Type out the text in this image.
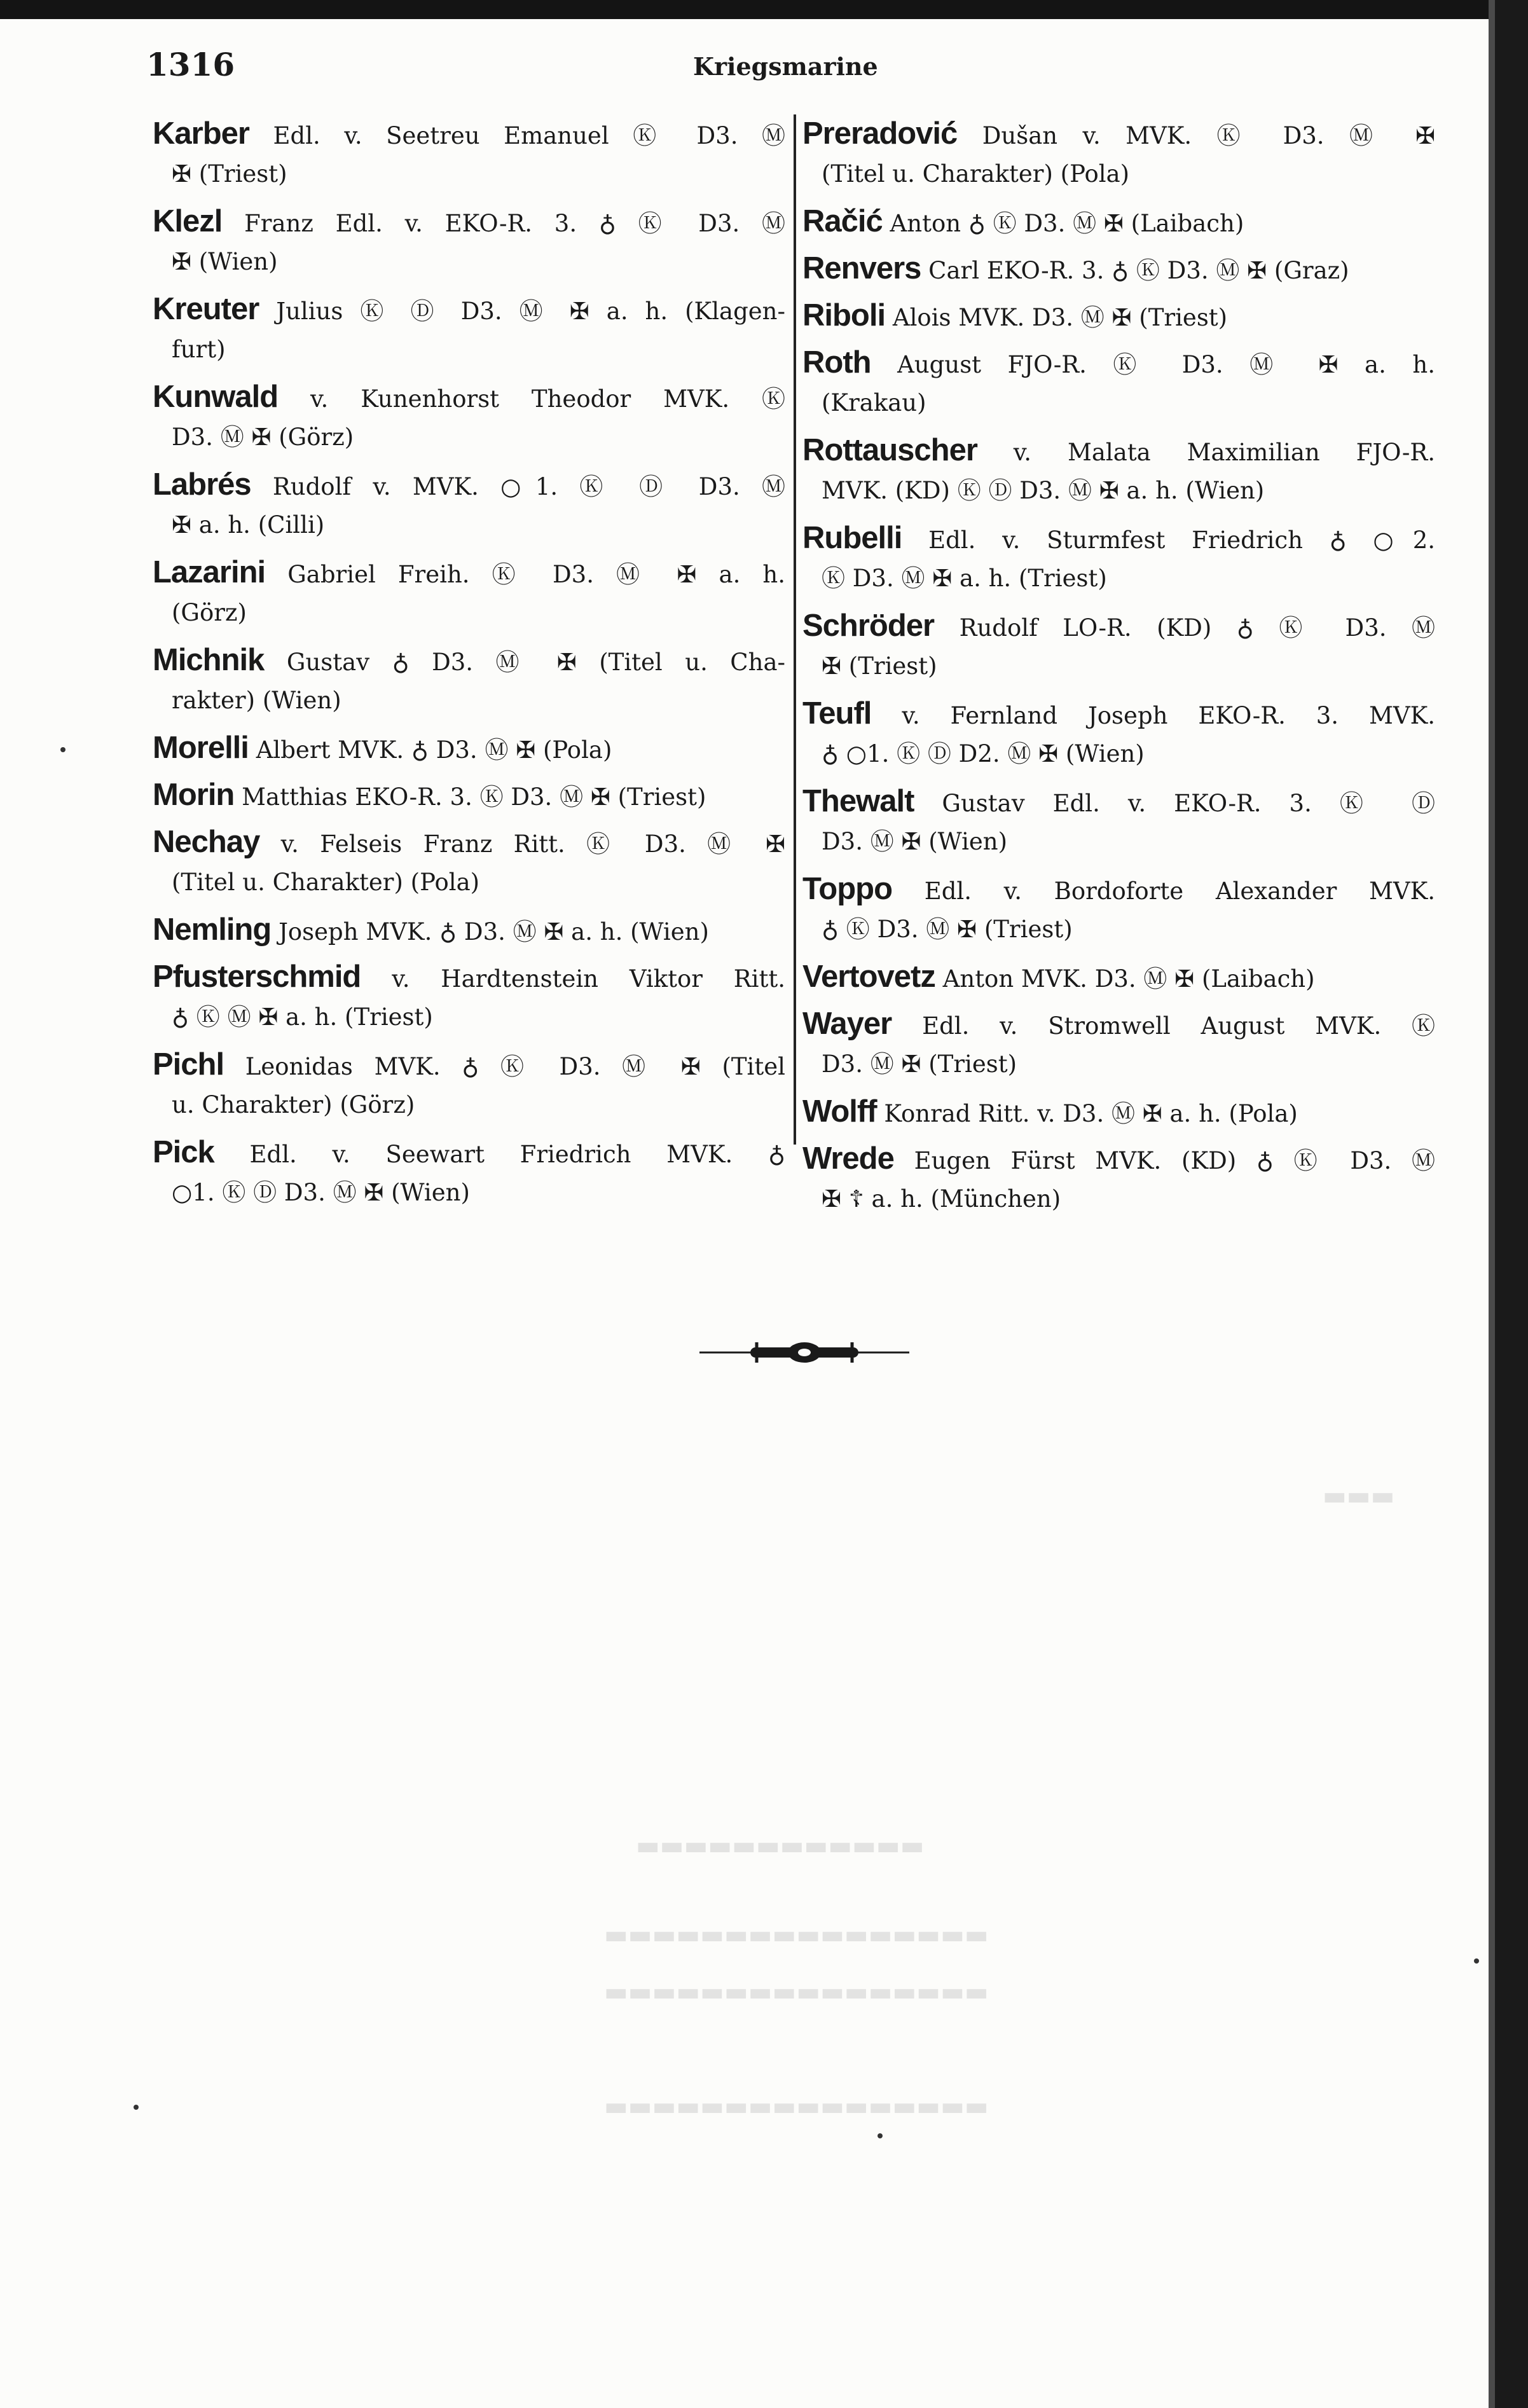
▬▬▬▬▬▬▬▬▬▬▬▬
▬▬▬▬▬▬▬▬▬▬▬▬▬▬▬▬
▬▬▬▬▬▬▬▬▬▬▬▬▬▬▬▬
▬▬▬▬▬▬▬▬▬▬▬▬▬▬▬▬
▬▬▬
1316	Kriegsmarine
Karber Edl. v. Seetreu Emanuel Ⓚ D3. Ⓜ
✠ (Triest)
Klezl Franz Edl. v. EKO-R. 3. ♁ Ⓚ D3. Ⓜ
✠ (Wien)
Kreuter Julius Ⓚ Ⓓ D3. Ⓜ ✠ a. h. (Klagen-
furt)
Kunwald v. Kunenhorst Theodor MVK. Ⓚ
D3. Ⓜ ✠ (Görz)
Labrés Rudolf v. MVK. ○1. Ⓚ Ⓓ D3. Ⓜ
✠ a. h. (Cilli)
Lazarini Gabriel Freih. Ⓚ D3. Ⓜ ✠ a. h.
(Görz)
Michnik Gustav ♁ D3. Ⓜ ✠ (Titel u. Cha-
rakter) (Wien)
Morelli Albert MVK. ♁ D3. Ⓜ ✠ (Pola)
Morin Matthias EKO-R. 3. Ⓚ D3. Ⓜ ✠ (Triest)
Nechay v. Felseis Franz Ritt. Ⓚ D3. Ⓜ ✠
(Titel u. Charakter) (Pola)
Nemling Joseph MVK. ♁ D3. Ⓜ ✠ a. h. (Wien)
Pfusterschmid v. Hardtenstein Viktor Ritt.
♁ Ⓚ Ⓜ ✠ a. h. (Triest)
Pichl Leonidas MVK. ♁ Ⓚ D3. Ⓜ ✠ (Titel
u. Charakter) (Görz)
Pick Edl. v. Seewart Friedrich MVK. ♁
○1. Ⓚ Ⓓ D3. Ⓜ ✠ (Wien)
Preradović Dušan v. MVK. Ⓚ D3. Ⓜ ✠
(Titel u. Charakter) (Pola)
Račić Anton ♁ Ⓚ D3. Ⓜ ✠ (Laibach)
Renvers Carl EKO-R. 3. ♁ Ⓚ D3. Ⓜ ✠ (Graz)
Riboli Alois MVK. D3. Ⓜ ✠ (Triest)
Roth August FJO-R. Ⓚ D3. Ⓜ ✠ a. h.
(Krakau)
Rottauscher v. Malata Maximilian FJO-R.
MVK. (KD) Ⓚ Ⓓ D3. Ⓜ ✠ a. h. (Wien)
Rubelli Edl. v. Sturmfest Friedrich ♁ ○2.
Ⓚ D3. Ⓜ ✠ a. h. (Triest)
Schröder Rudolf LO-R. (KD) ♁ Ⓚ D3. Ⓜ
✠ (Triest)
Teufl v. Fernland Joseph EKO-R. 3. MVK.
♁ ○1. Ⓚ Ⓓ D2. Ⓜ ✠ (Wien)
Thewalt Gustav Edl. v. EKO-R. 3. Ⓚ Ⓓ
D3. Ⓜ ✠ (Wien)
Toppo Edl. v. Bordoforte Alexander MVK.
♁ Ⓚ D3. Ⓜ ✠ (Triest)
Vertovetz Anton MVK. D3. Ⓜ ✠ (Laibach)
Wayer Edl. v. Stromwell August MVK. Ⓚ
D3. Ⓜ ✠ (Triest)
Wolff Konrad Ritt. v. D3. Ⓜ ✠ a. h. (Pola)
Wrede Eugen Fürst MVK. (KD) ♁ Ⓚ D3. Ⓜ
✠ ☦ a. h. (München)
